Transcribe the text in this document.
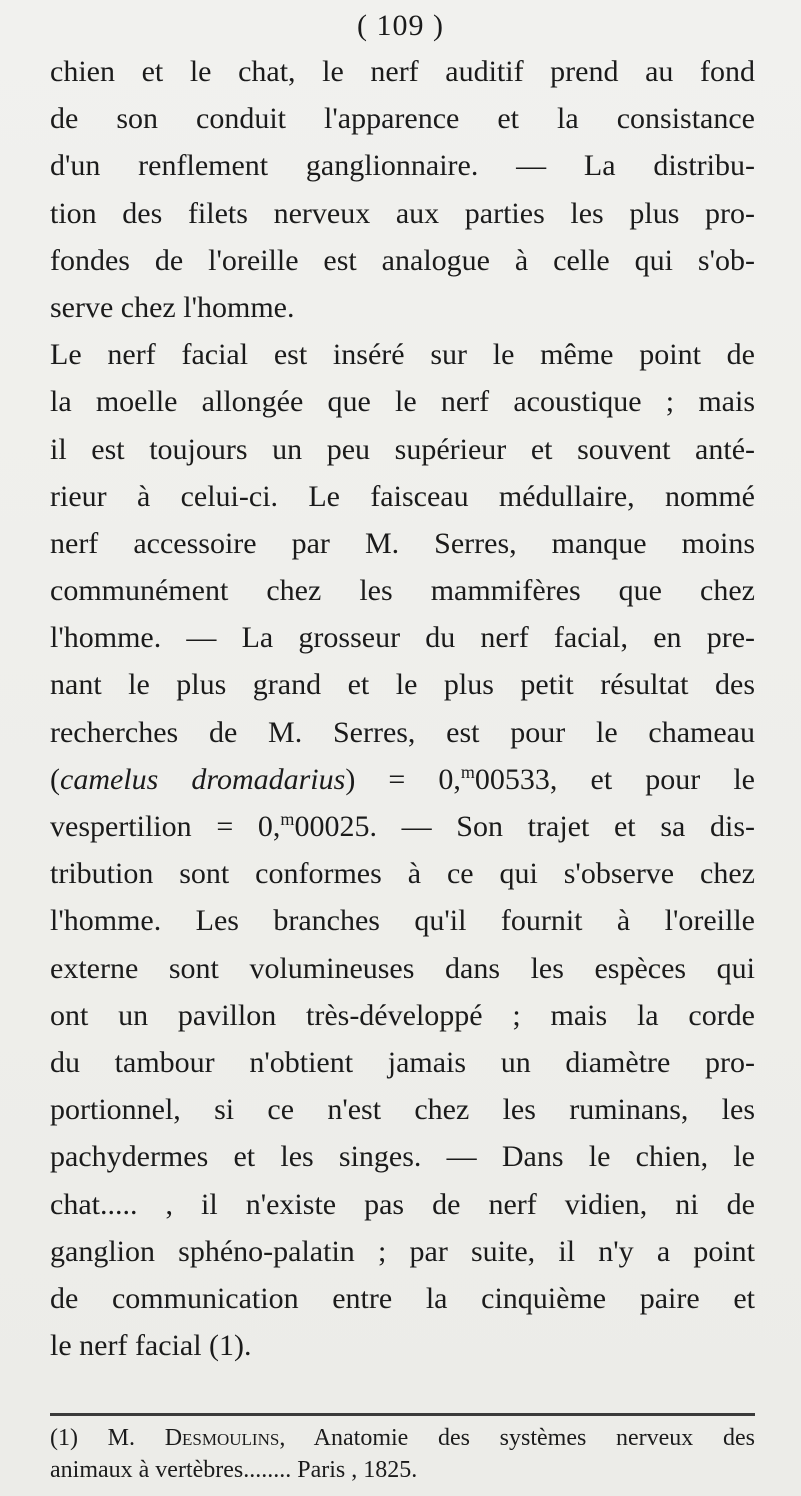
( 109 )
chien et le chat, le nerf auditif prend au fond
de son conduit l'apparence et la consistance
d'un renflement ganglionnaire. — La distribu-
tion des filets nerveux aux parties les plus pro-
fondes de l'oreille est analogue à celle qui s'ob-
serve chez l'homme.
Le nerf facial est inséré sur le même point de
la moelle allongée que le nerf acoustique ; mais
il est toujours un peu supérieur et souvent anté-
rieur à celui-ci. Le faisceau médullaire, nommé
nerf accessoire par M. Serres, manque moins
communément chez les mammifères que chez
l'homme. — La grosseur du nerf facial, en pre-
nant le plus grand et le plus petit résultat des
recherches de M. Serres, est pour le chameau
(camelus dromadarius) = 0,$^m$00533, et pour le
vespertilion = 0,$^m$00025. — Son trajet et sa dis-
tribution sont conformes à ce qui s'observe chez
l'homme. Les branches qu'il fournit à l'oreille
externe sont volumineuses dans les espèces qui
ont un pavillon très-développé ; mais la corde
du tambour n'obtient jamais un diamètre pro-
portionnel, si ce n'est chez les ruminans, les
pachydermes et les singes. — Dans le chien, le
chat..... , il n'existe pas de nerf vidien, ni de
ganglion sphéno-palatin ; par suite, il n'y a point
de communication entre la cinquième paire et
le nerf facial (1).
(1) M. Desmoulins, Anatomie des systèmes nerveux des
animaux à vertèbres........ Paris , 1825.
